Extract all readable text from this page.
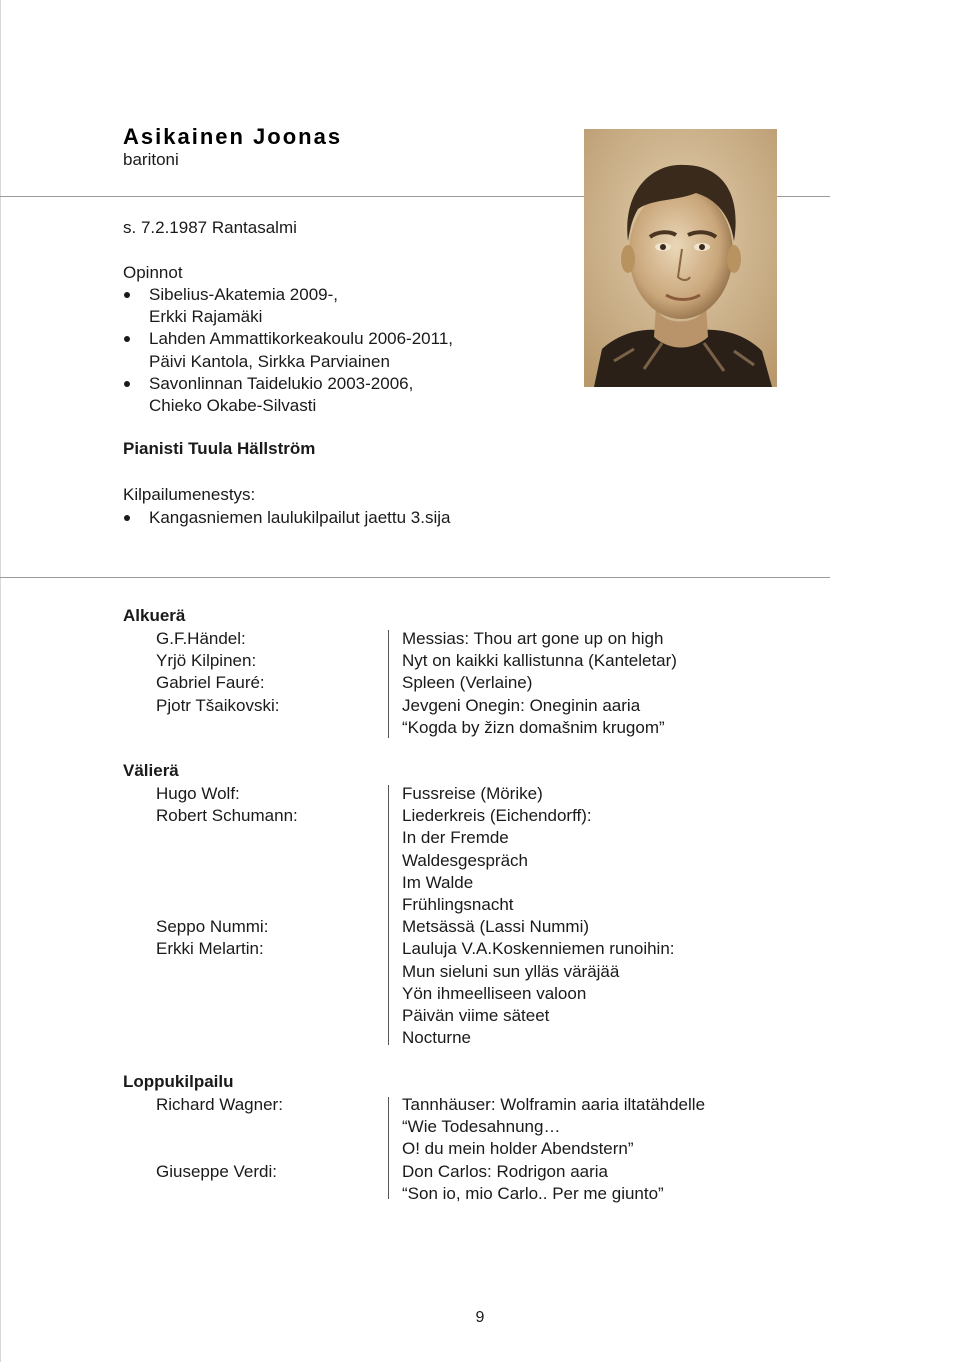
Asikainen Joonas
baritoni
s. 7.2.1987 Rantasalmi
Opinnot
Sibelius-Akatemia 2009-,
Erkki Rajamäki
Lahden Ammattikorkeakoulu 2006-2011,
Päivi Kantola, Sirkka Parviainen
Savonlinnan Taidelukio 2003-2006,
Chieko Okabe-Silvasti
Pianisti Tuula Hällström
Kilpailumenestys:
Kangasniemen laulukilpailut jaettu 3.sija
Alkuerä
G.F.Händel:
Yrjö Kilpinen:
Gabriel Fauré:
Pjotr Tšaikovski:
Messias: Thou art gone up on high
Nyt on kaikki kallistunna (Kanteletar)
Spleen (Verlaine)
Jevgeni Onegin: Oneginin aaria
“Kogda by žizn domašnim krugom”
Välierä
Hugo Wolf:
Robert Schumann:
Seppo Nummi:
Erkki Melartin:
Fussreise (Mörike)
Liederkreis (Eichendorff):
In der Fremde
Waldesgespräch
Im Walde
Frühlingsnacht
Metsässä (Lassi Nummi)
Lauluja V.A.Koskenniemen runoihin:
Mun sieluni sun ylläs väräjää
Yön ihmeelliseen valoon
Päivän viime säteet
Nocturne
Loppukilpailu
Richard Wagner:
Giuseppe Verdi:
Tannhäuser: Wolframin aaria iltatähdelle
“Wie Todesahnung…
O! du mein holder Abendstern”
Don Carlos: Rodrigon aaria
“Son io, mio Carlo.. Per me giunto”
9
